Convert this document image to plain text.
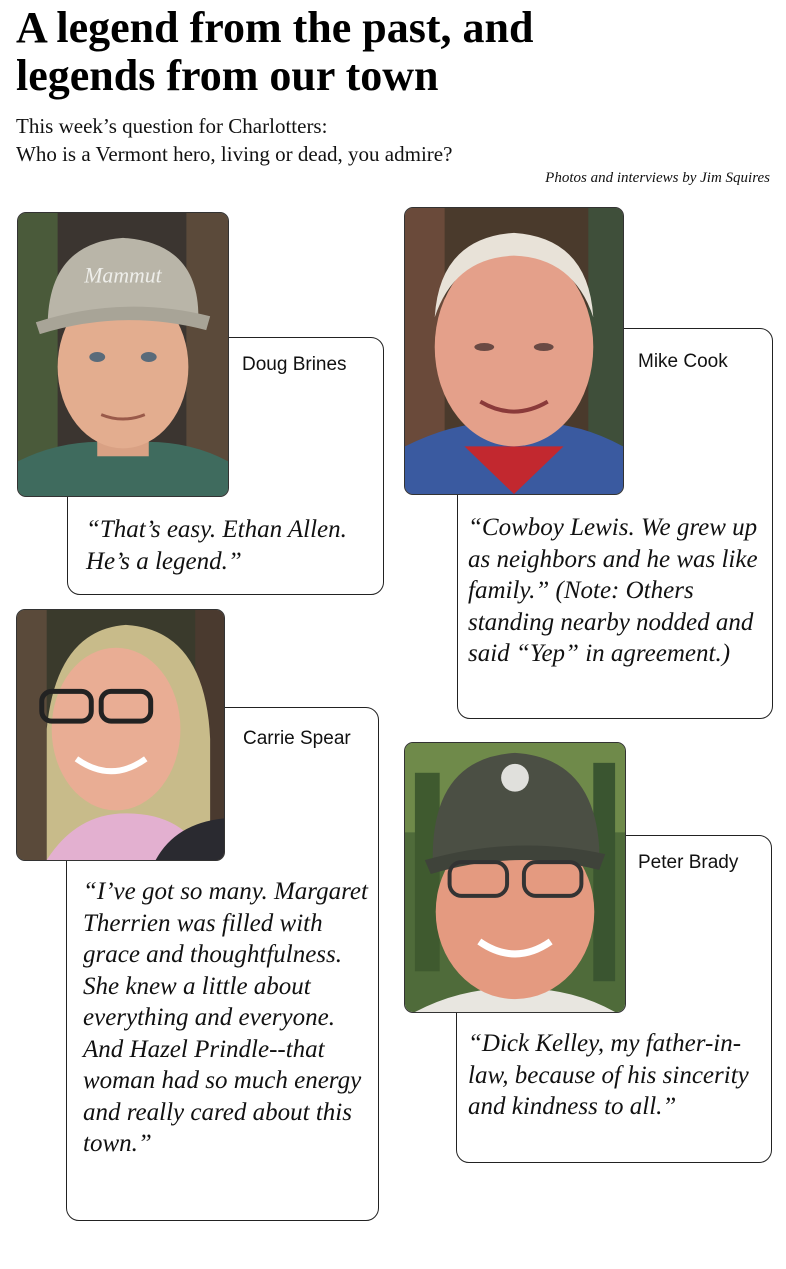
A legend from the past, and
legends from our town
This week’s question for Charlotters:
Who is a Vermont hero, living or dead, you admire?
Photos and interviews by Jim Squires
Doug Brines

“That’s easy. Ethan Allen. He’s a legend.”

Mammut
Mike Cook

“Cowboy Lewis. We grew up as neighbors and he was like family.” (Note: Others standing nearby nodded and said “Yep” in agreement.)

Carrie Spear

“I’ve got so many. Margaret Therrien was filled with grace and thoughtfulness. She knew a little about everything and everyone. And Hazel Prindle--that woman had so much energy and really cared about this town.”

Peter Brady

“Dick Kelley, my father-in-law, because of his sincerity and kindness to all.”
